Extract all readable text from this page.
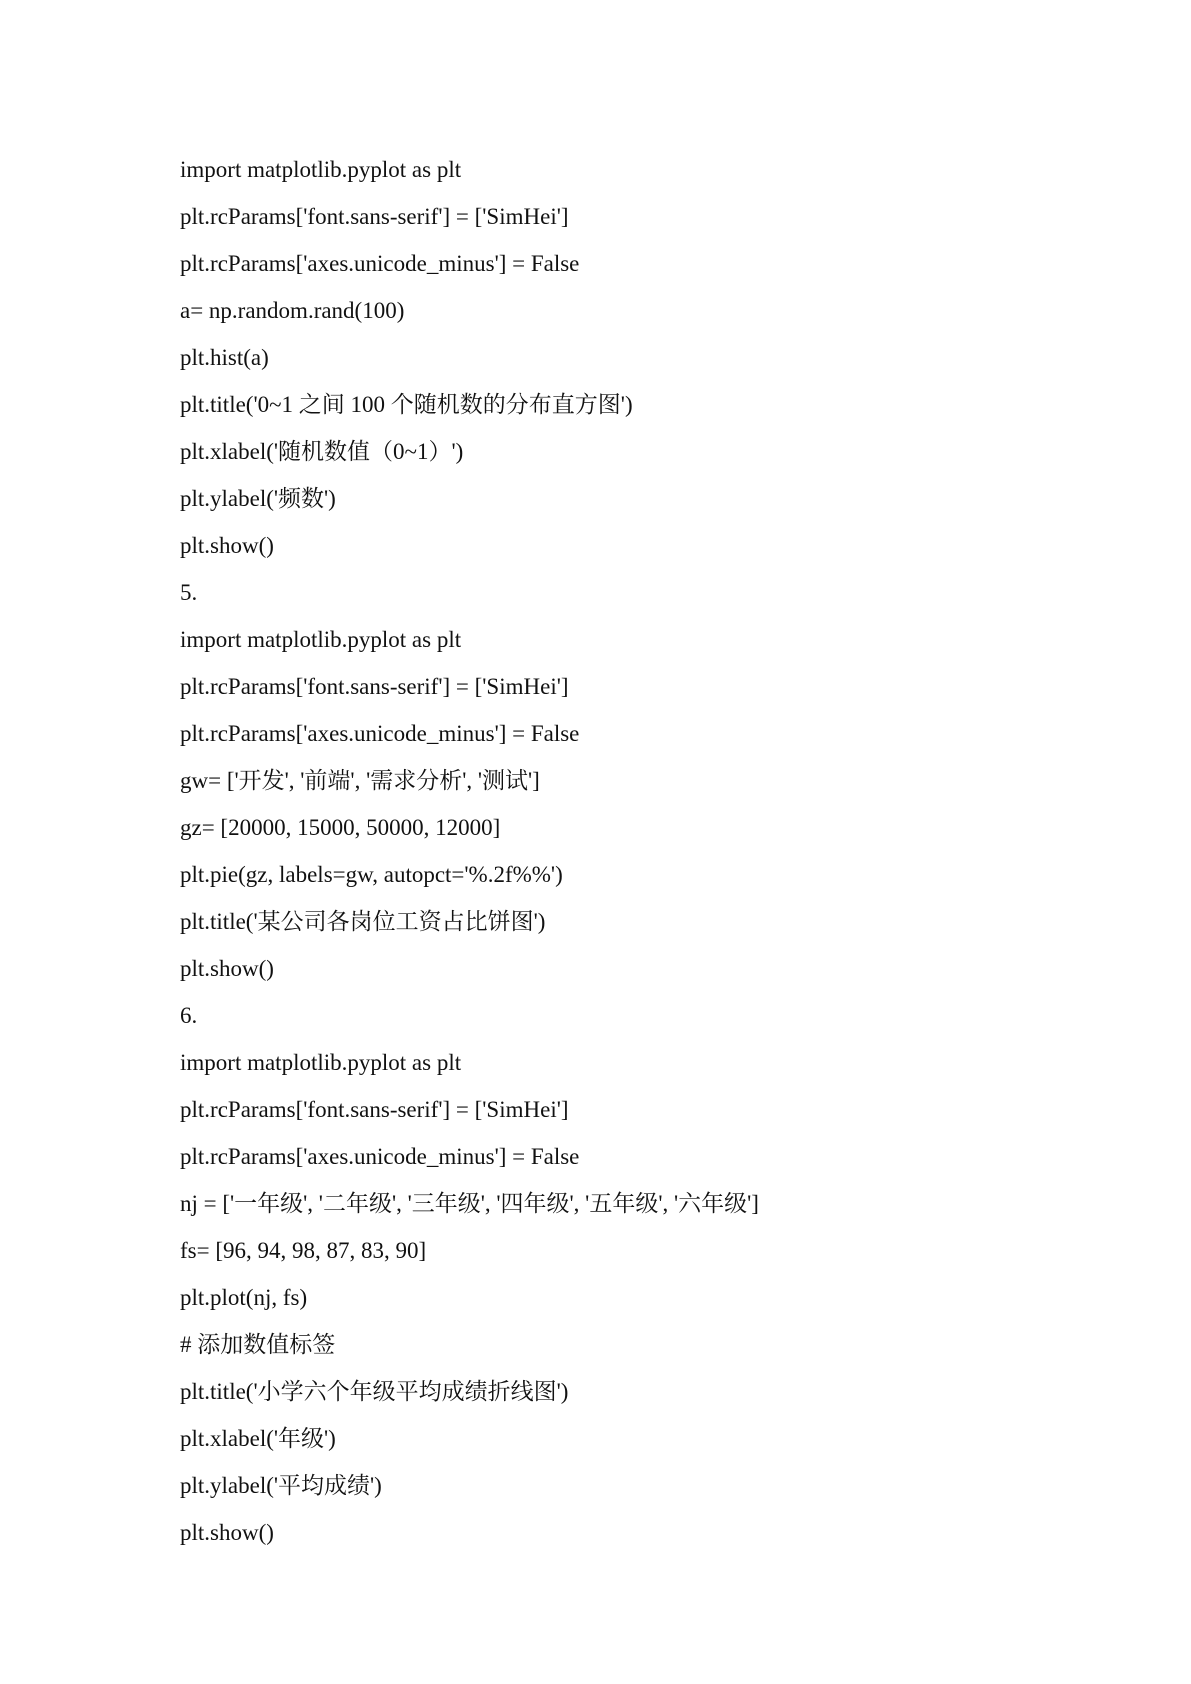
import matplotlib.pyplot as plt
plt.rcParams['font.sans-serif'] = ['SimHei']
plt.rcParams['axes.unicode_minus'] = False
a= np.random.rand(100)
plt.hist(a)
plt.title('0~1 之间 100 个随机数的分布直方图')
plt.xlabel('随机数值（0~1）')
plt.ylabel('频数')
plt.show()
5.
import matplotlib.pyplot as plt
plt.rcParams['font.sans-serif'] = ['SimHei']
plt.rcParams['axes.unicode_minus'] = False
gw= ['开发', '前端', '需求分析', '测试']
gz= [20000, 15000, 50000, 12000]
plt.pie(gz, labels=gw, autopct='%.2f%%')
plt.title('某公司各岗位工资占比饼图')
plt.show()
6.
import matplotlib.pyplot as plt
plt.rcParams['font.sans-serif'] = ['SimHei']
plt.rcParams['axes.unicode_minus'] = False
nj = ['一年级', '二年级', '三年级', '四年级', '五年级', '六年级']
fs= [96, 94, 98, 87, 83, 90]
plt.plot(nj, fs)
# 添加数值标签
plt.title('小学六个年级平均成绩折线图')
plt.xlabel('年级')
plt.ylabel('平均成绩')
plt.show()
